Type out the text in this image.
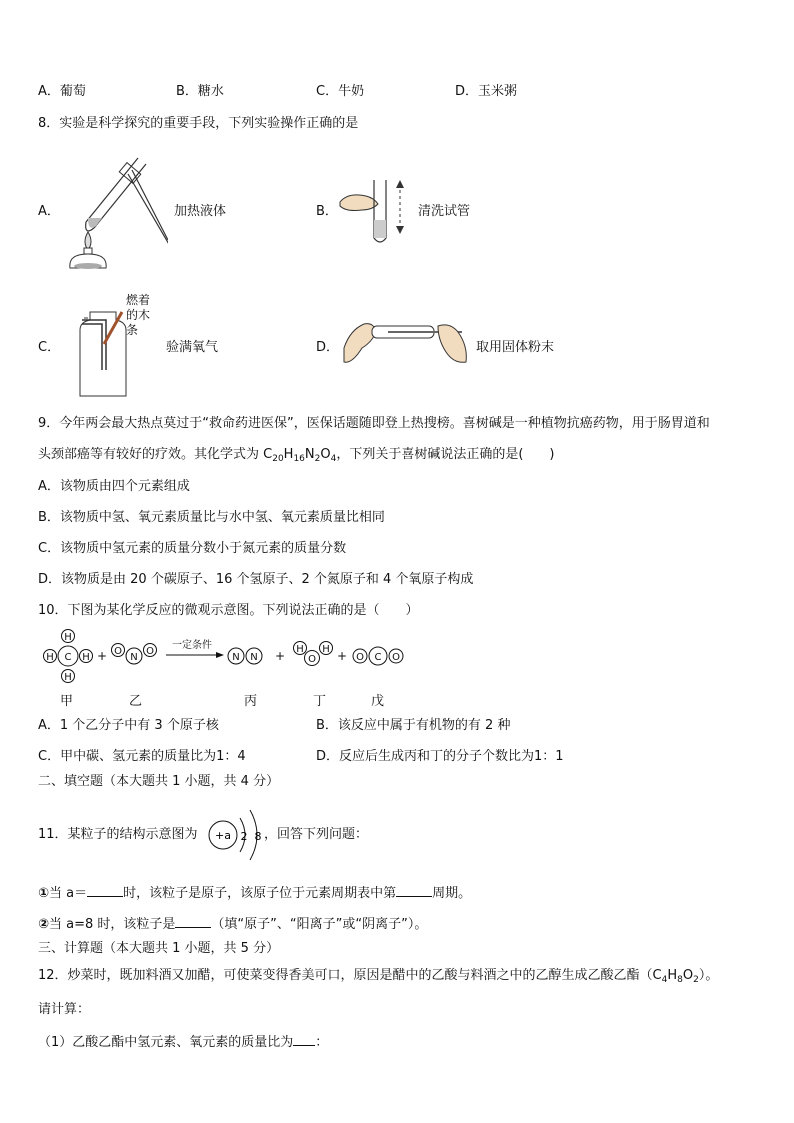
A．葡萄	B．糖水	C．牛奶	D．玉米粥
8．实验是科学探究的重要手段，下列实验操作正确的是
A．	加热液体	B．	清洗试管
C．
燃着
的木
条
验满氧气	D．	取用固体粉末
9．今年两会最大热点莫过于“救命药进医保”，医保话题随即登上热搜榜。喜树碱是一种植物抗癌药物，用于肠胃道和
头颈部癌等有较好的疗效。其化学式为 $C_{20}H_{16}N_2O_4$，下列关于喜树碱说法正确的是(　　)
A．该物质由四个元素组成
B．该物质中氢、氧元素质量比与水中氢、氧元素质量比相同
C．该物质中氢元素的质量分数小于氮元素的质量分数
D．该物质是由 20 个碳原子、16 个氢原子、2 个氮原子和 4 个氧原子构成
10．下图为某化学反应的微观示意图。下列说法正确的是（　　）
H
H C H
H
+ O
N
O
一定条件
N N + H
O
H + O C O
甲	乙	丙	丁	戊
A．1 个乙分子中有 3 个原子核	B．该反应中属于有机物的有 2 种
C．甲中碳、氢元素的质量比为1：4	D．反应后生成丙和丁的分子个数比为1：1
二、填空题（本大题共 1 小题，共 4 分）
11．某粒子的结构示意图为 +a 2 8 ，回答下列问题：
①当 a＝	时，该粒子是原子，该原子位于元素周期表中第	周期。
②当 a=8 时，该粒子是	（填“原子”、“阳离子”或“阴离子”）。
三、计算题（本大题共 1 小题，共 5 分）
12．炒菜时，既加料酒又加醋，可使菜变得香美可口，原因是醋中的乙酸与料酒之中的乙醇生成乙酸乙酯$(C_4H_8O_2)$。
请计算：
（1）乙酸乙酯中氢元素、氧元素的质量比为 ：
